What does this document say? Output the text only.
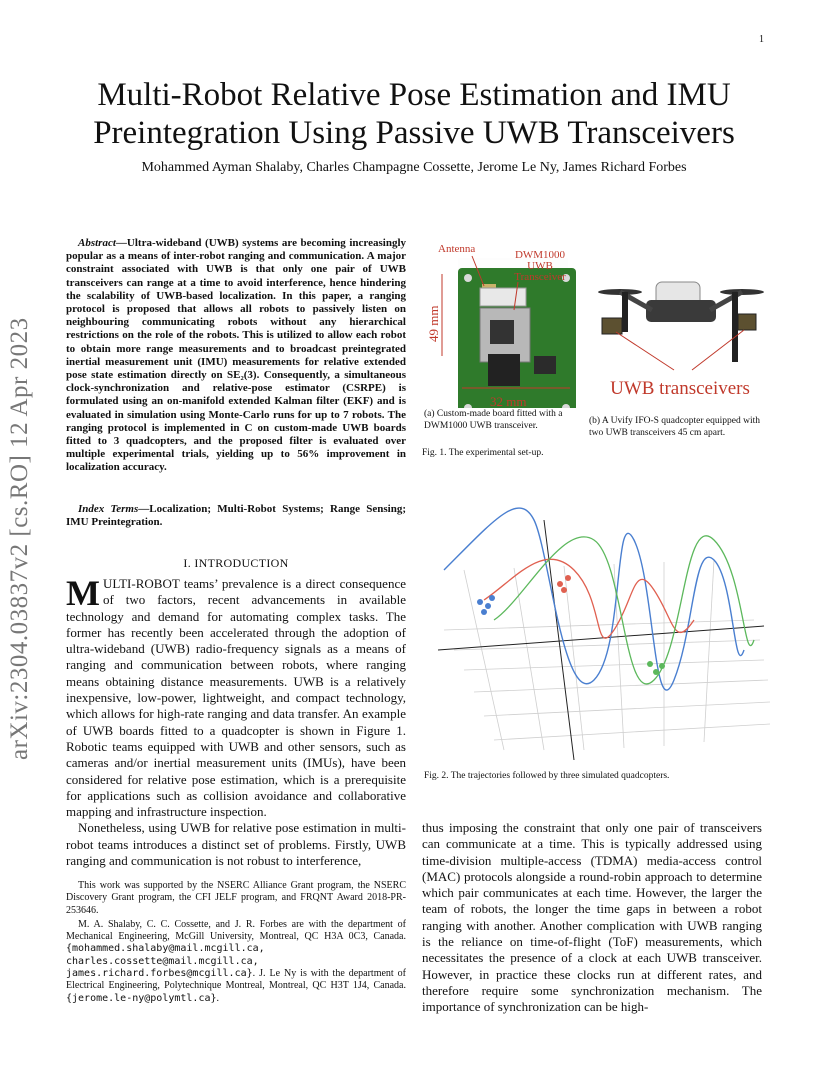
1
arXiv:2304.03837v2 [cs.RO] 12 Apr 2023
Multi-Robot Relative Pose Estimation and IMU Preintegration Using Passive UWB Transceivers
Mohammed Ayman Shalaby, Charles Champagne Cossette, Jerome Le Ny, James Richard Forbes
Abstract—Ultra-wideband (UWB) systems are becoming increasingly popular as a means of inter-robot ranging and communication. A major constraint associated with UWB is that only one pair of UWB transceivers can range at a time to avoid interference, hence hindering the scalability of UWB-based localization. In this paper, a ranging protocol is proposed that allows all robots to passively listen on neighbouring communicating robots without any hierarchical restrictions on the role of the robots. This is utilized to allow each robot to obtain more range measurements and to broadcast preintegrated inertial measurement unit (IMU) measurements for relative extended pose state estimation directly on SE₂(3). Consequently, a simultaneous clock-synchronization and relative-pose estimator (CSRPE) is formulated using an on-manifold extended Kalman filter (EKF) and is evaluated in simulation using Monte-Carlo runs for up to 7 robots. The ranging protocol is implemented in C on custom-made UWB boards fitted to 3 quadcopters, and the proposed filter is evaluated over multiple experimental trials, yielding up to 56% improvement in localization accuracy.
Index Terms—Localization; Multi-Robot Systems; Range Sensing; IMU Preintegration.
I. INTRODUCTION

MULTI-ROBOT teams’ prevalence is a direct consequence of two factors, recent advancements in available technology and demand for automating complex tasks. The former has recently been accelerated through the adoption of ultra-wideband (UWB) radio-frequency signals as a means of ranging and communication between robots, where ranging means obtaining distance measurements. UWB is a relatively inexpensive, low-power, lightweight, and compact technology, which allows for high-rate ranging and data transfer. An example of UWB boards fitted to a quadcopter is shown in Figure 1. Robotic teams equipped with UWB and other sensors, such as cameras and/or inertial measurement units (IMUs), have been considered for relative pose estimation, which is a prerequisite for applications such as collision avoidance and collaborative mapping and infrastructure inspection.

Nonetheless, using UWB for relative pose estimation in multi-robot teams introduces a distinct set of problems. Firstly, UWB ranging and communication is not robust to interference,

This work was supported by the NSERC Alliance Grant program, the NSERC Discovery Grant program, the CFI JELF program, and FRQNT Award 2018-PR-253646.

M. A. Shalaby, C. C. Cossette, and J. R. Forbes are with the department of Mechanical Engineering, McGill University, Montreal, QC H3A 0C3, Canada. {mohammed.shalaby@mail.mcgill.ca, charles.cossette@mail.mcgill.ca, james.richard.forbes@mcgill.ca}. J. Le Ny is with the department of Electrical Engineering, Polytechnique Montreal, Montreal, QC H3T 1J4, Canada. {jerome.le-ny@polymtl.ca}.

Antenna	DWM1000
UWB
Transceiver
49 mm
32 mm
UWB transceivers
(a) Custom-made board fitted with a DWM1000 UWB transceiver.	(b) A Uvify IFO-S quadcopter equipped with two UWB transceivers 45 cm apart.
Fig. 1. The experimental set-up.
Fig. 2. The trajectories followed by three simulated quadcopters.
thus imposing the constraint that only one pair of transceivers can communicate at a time. This is typically addressed using time-division multiple-access (TDMA) media-access control (MAC) protocols alongside a round-robin approach to determine which pair communicates at each time. However, the larger the team of robots, the longer the time gaps in between a robot ranging with another. Another complication with UWB ranging is the reliance on time-of-flight (ToF) measurements, which necessitates the presence of a clock at each UWB transceiver. However, in practice these clocks run at different rates, and therefore require some synchronization mechanism. The importance of synchronization can be high-
